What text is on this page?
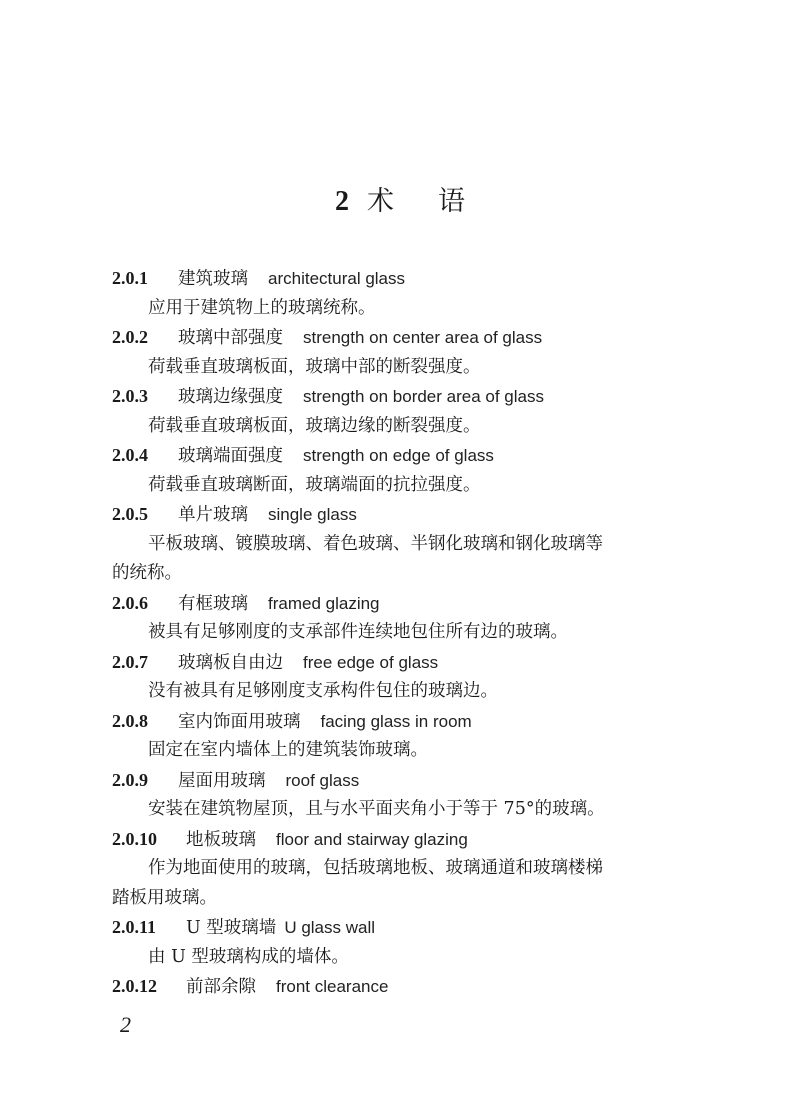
2 术 语
2.0.1 建筑玻璃 architectural glass

应用于建筑物上的玻璃统称。

2.0.2 玻璃中部强度 strength on center area of glass

荷载垂直玻璃板面，玻璃中部的断裂强度。

2.0.3 玻璃边缘强度 strength on border area of glass

荷载垂直玻璃板面，玻璃边缘的断裂强度。

2.0.4 玻璃端面强度 strength on edge of glass

荷载垂直玻璃断面，玻璃端面的抗拉强度。

2.0.5 单片玻璃 single glass

平板玻璃、镀膜玻璃、着色玻璃、半钢化玻璃和钢化玻璃等

的统称。

2.0.6 有框玻璃 framed glazing

被具有足够刚度的支承部件连续地包住所有边的玻璃。

2.0.7 玻璃板自由边 free edge of glass

没有被具有足够刚度支承构件包住的玻璃边。

2.0.8 室内饰面用玻璃 facing glass in room

固定在室内墙体上的建筑装饰玻璃。

2.0.9 屋面用玻璃 roof glass

安装在建筑物屋顶，且与水平面夹角小于等于 75°的玻璃。

2.0.10 地板玻璃 floor and stairway glazing

作为地面使用的玻璃，包括玻璃地板、玻璃通道和玻璃楼梯

踏板用玻璃。

2.0.11 U 型玻璃墙 U glass wall

由 U 型玻璃构成的墙体。

2.0.12 前部余隙 front clearance
2
